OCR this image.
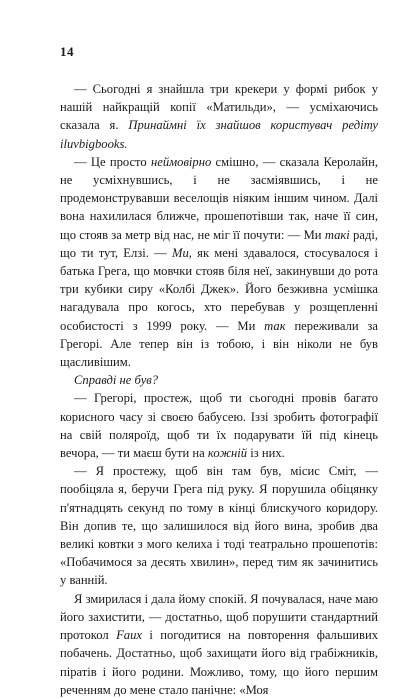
14

— Сьогодні я знайшла три крекери у формі рибок у нашій найкращій копії «Матильди», — усміхаючись сказала я. Принаймні їх знайшов користувач редіту iluvbigbooks.

— Це просто неймовірно смішно, — сказала Керолайн, не усміхнувшись, і не засміявшись, і не продемонструвавши веселощів ніяким іншим чином. Далі вона нахилилася ближче, прошепотівши так, наче її син, що стояв за метр від нас, не міг її почути: — Ми такі раді, що ти тут, Елзі. — Ми, як мені здавалося, стосувалося і батька Грега, що мовчки стояв біля неї, закинувши до рота три кубики сиру «Колбі Джек». Його безживна усмішка нагадувала про когось, хто перебував у розщепленні особистості з 1999 року. — Ми так переживали за Грегорі. Але тепер він із тобою, і він ніколи не був щасливішим.

Справді не був?

— Грегорі, простеж, щоб ти сьогодні провів багато корисного часу зі своєю бабусею. Іззі зробить фотографії на свій поляроїд, щоб ти їх подарувати їй під кінець вечора, — ти маєш бути на кожній із них.

— Я простежу, щоб він там був, місис Сміт, — пообіцяла я, беручи Грега під руку. Я порушила обіцянку п'ятнадцять секунд по тому в кінці блискучого коридору. Він допив те, що залишилося від його вина, зробив два великі ковтки з мого келиха і тоді театрально прошепотів: «Побачимося за десять хвилин», перед тим як зачинитись у ванній.

Я змирилася і дала йому спокій. Я почувалася, наче маю його захистити, — достатньо, щоб порушити стандартний протокол Faux і погодитися на повторення фальшивих побачень. Достатньо, щоб захищати його від грабіжників, піратів і його родини. Можливо, тому, що його першим реченням до мене стало панічне: «Моя
